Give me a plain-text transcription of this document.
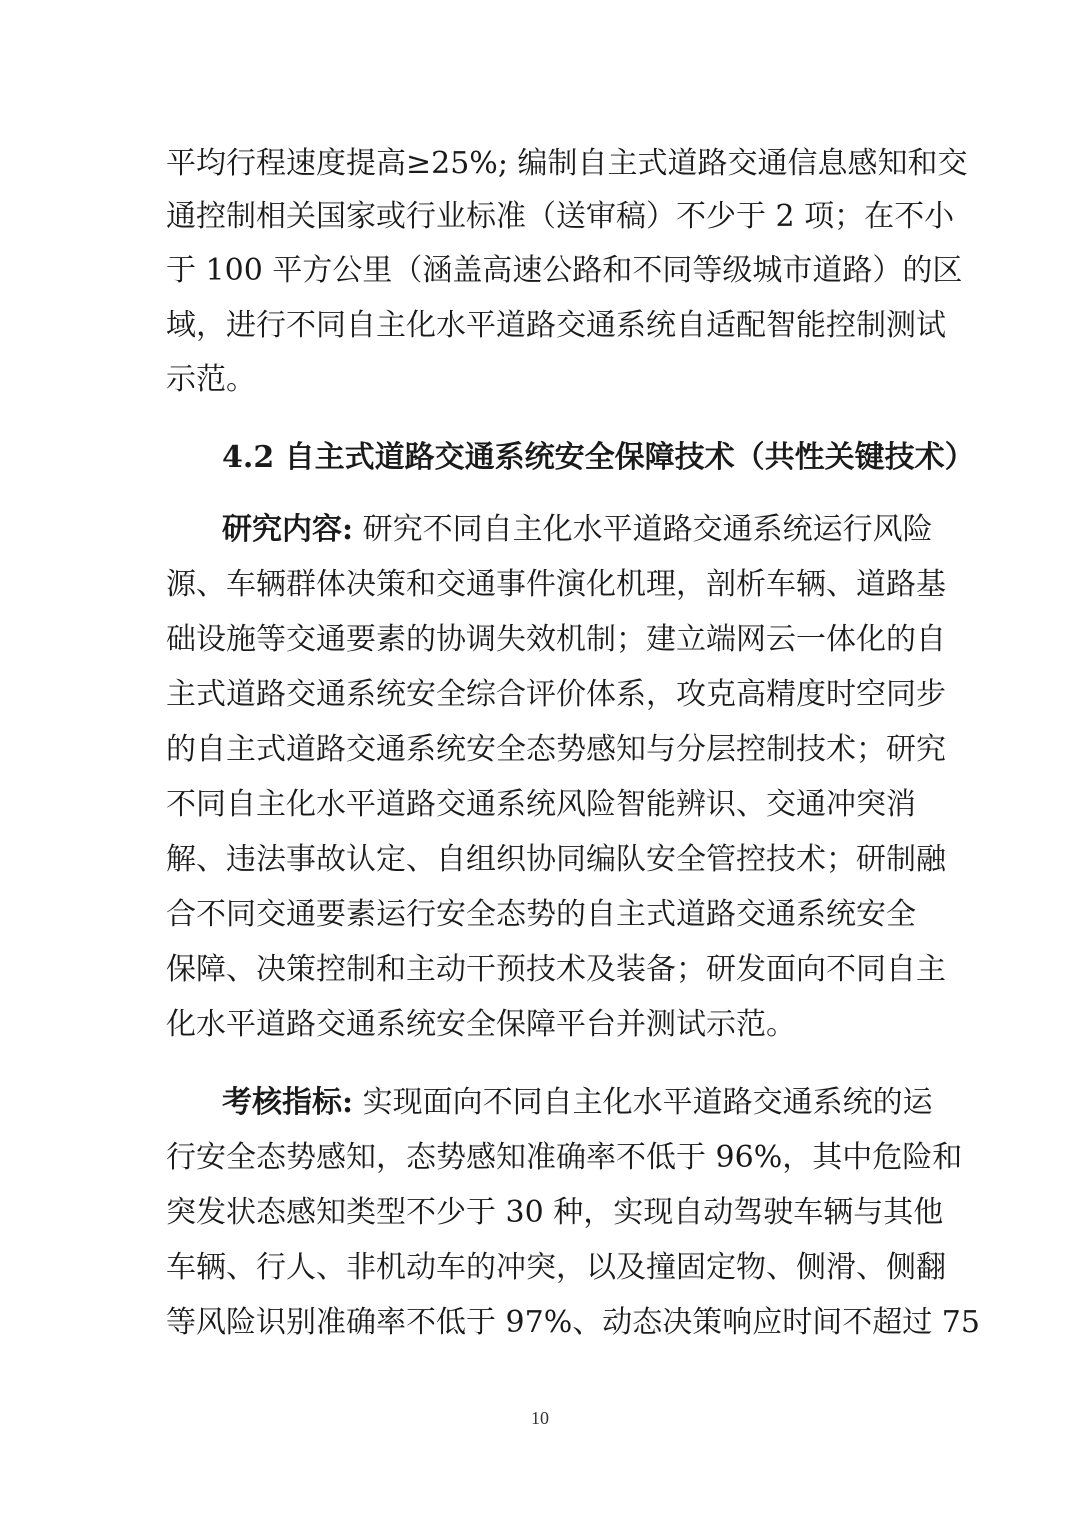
平均行程速度提高≥25%; 编制自主式道路交通信息感知和交
通控制相关国家或行业标准（送审稿）不少于 2 项；在不小
于 100 平方公里（涵盖高速公路和不同等级城市道路）的区
域，进行不同自主化水平道路交通系统自适配智能控制测试
示范。
4.2 自主式道路交通系统安全保障技术（共性关键技术）
研究内容: 研究不同自主化水平道路交通系统运行风险
源、车辆群体决策和交通事件演化机理，剖析车辆、道路基
础设施等交通要素的协调失效机制；建立端网云一体化的自
主式道路交通系统安全综合评价体系，攻克高精度时空同步
的自主式道路交通系统安全态势感知与分层控制技术；研究
不同自主化水平道路交通系统风险智能辨识、交通冲突消
解、违法事故认定、自组织协同编队安全管控技术；研制融
合不同交通要素运行安全态势的自主式道路交通系统安全
保障、决策控制和主动干预技术及装备；研发面向不同自主
化水平道路交通系统安全保障平台并测试示范。
考核指标: 实现面向不同自主化水平道路交通系统的运
行安全态势感知，态势感知准确率不低于 96%，其中危险和
突发状态感知类型不少于 30 种，实现自动驾驶车辆与其他
车辆、行人、非机动车的冲突，以及撞固定物、侧滑、侧翻
等风险识别准确率不低于 97%、动态决策响应时间不超过 75
10
